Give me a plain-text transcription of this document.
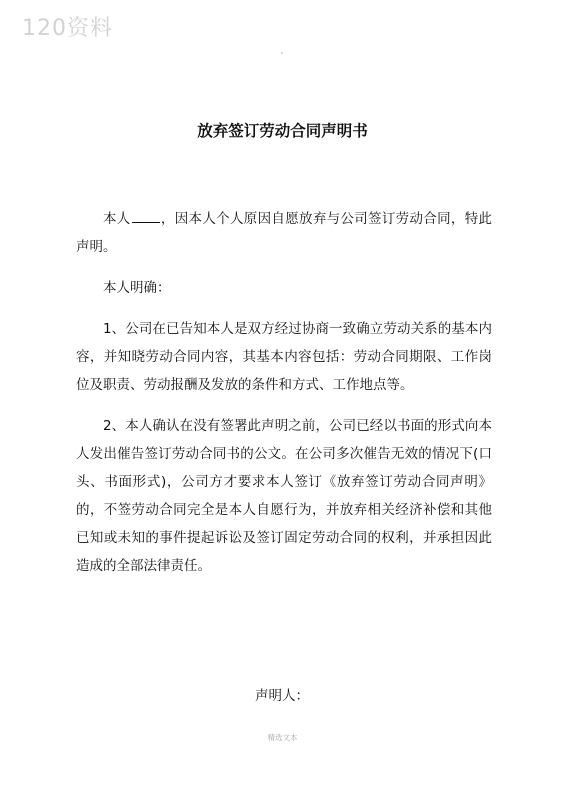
120资料
放弃签订劳动合同声明书

本人 ，因本人个人原因自愿放弃与公司签订劳动合同，特此声明。

本人明确：

1、公司在已告知本人是双方经过协商一致确立劳动关系的基本内容，并知晓劳动合同内容，其基本内容包括：劳动合同期限、工作岗位及职责、劳动报酬及发放的条件和方式、工作地点等。

2、本人确认在没有签署此声明之前，公司已经以书面的形式向本人发出催告签订劳动合同书的公文。在公司多次催告无效的情况下(口头、书面形式)，公司方才要求本人签订《放弃签订劳动合同声明》的，不签劳动合同完全是本人自愿行为，并放弃相关经济补偿和其他已知或未知的事件提起诉讼及签订固定劳动合同的权利，并承担因此造成的全部法律责任。

声明人：
精选文本
